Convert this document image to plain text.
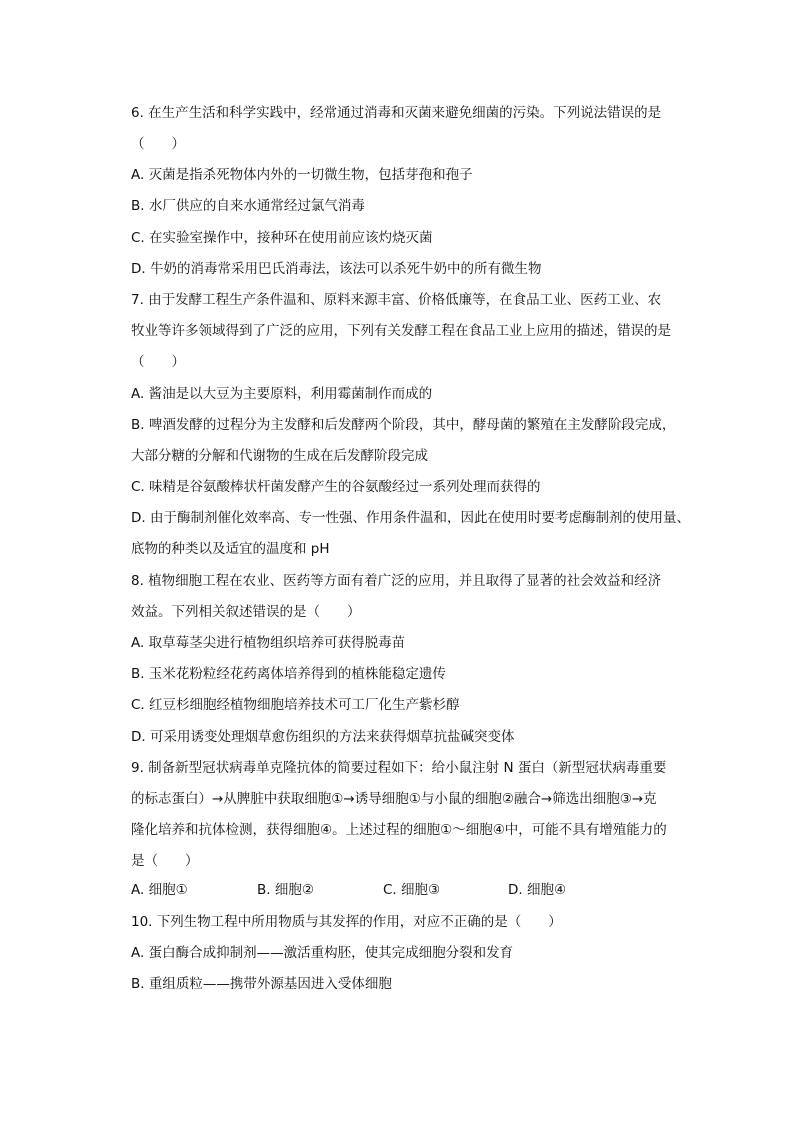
6. 在生产生活和科学实践中，经常通过消毒和灭菌来避免细菌的污染。下列说法错误的是
（　　）
A. 灭菌是指杀死物体内外的一切微生物，包括芽孢和孢子
B. 水厂供应的自来水通常经过氯气消毒
C. 在实验室操作中，接种环在使用前应该灼烧灭菌
D. 牛奶的消毒常采用巴氏消毒法，该法可以杀死牛奶中的所有微生物
7. 由于发酵工程生产条件温和、原料来源丰富、价格低廉等，在食品工业、医药工业、农
牧业等许多领域得到了广泛的应用，下列有关发酵工程在食品工业上应用的描述，错误的是
（　　）
A. 酱油是以大豆为主要原料，利用霉菌制作而成的
B. 啤酒发酵的过程分为主发酵和后发酵两个阶段，其中，酵母菌的繁殖在主发酵阶段完成，
大部分糖的分解和代谢物的生成在后发酵阶段完成
C. 味精是谷氨酸棒状杆菌发酵产生的谷氨酸经过一系列处理而获得的
D. 由于酶制剂催化效率高、专一性强、作用条件温和，因此在使用时要考虑酶制剂的使用量、
底物的种类以及适宜的温度和 pH
8. 植物细胞工程在农业、医药等方面有着广泛的应用，并且取得了显著的社会效益和经济
效益。下列相关叙述错误的是（　　）
A. 取草莓茎尖进行植物组织培养可获得脱毒苗
B. 玉米花粉粒经花药离体培养得到的植株能稳定遗传
C. 红豆杉细胞经植物细胞培养技术可工厂化生产紫杉醇
D. 可采用诱变处理烟草愈伤组织的方法来获得烟草抗盐碱突变体
9. 制备新型冠状病毒单克隆抗体的简要过程如下：给小鼠注射 N 蛋白（新型冠状病毒重要
的标志蛋白）→从脾脏中获取细胞①→诱导细胞①与小鼠的细胞②融合→筛选出细胞③→克
隆化培养和抗体检测，获得细胞④。上述过程的细胞①～细胞④中，可能不具有增殖能力的
是（　　）
A. 细胞①	B. 细胞②	C. 细胞③	D. 细胞④
10. 下列生物工程中所用物质与其发挥的作用，对应不正确的是（　　）
A. 蛋白酶合成抑制剂——激活重构胚，使其完成细胞分裂和发育
B. 重组质粒——携带外源基因进入受体细胞
